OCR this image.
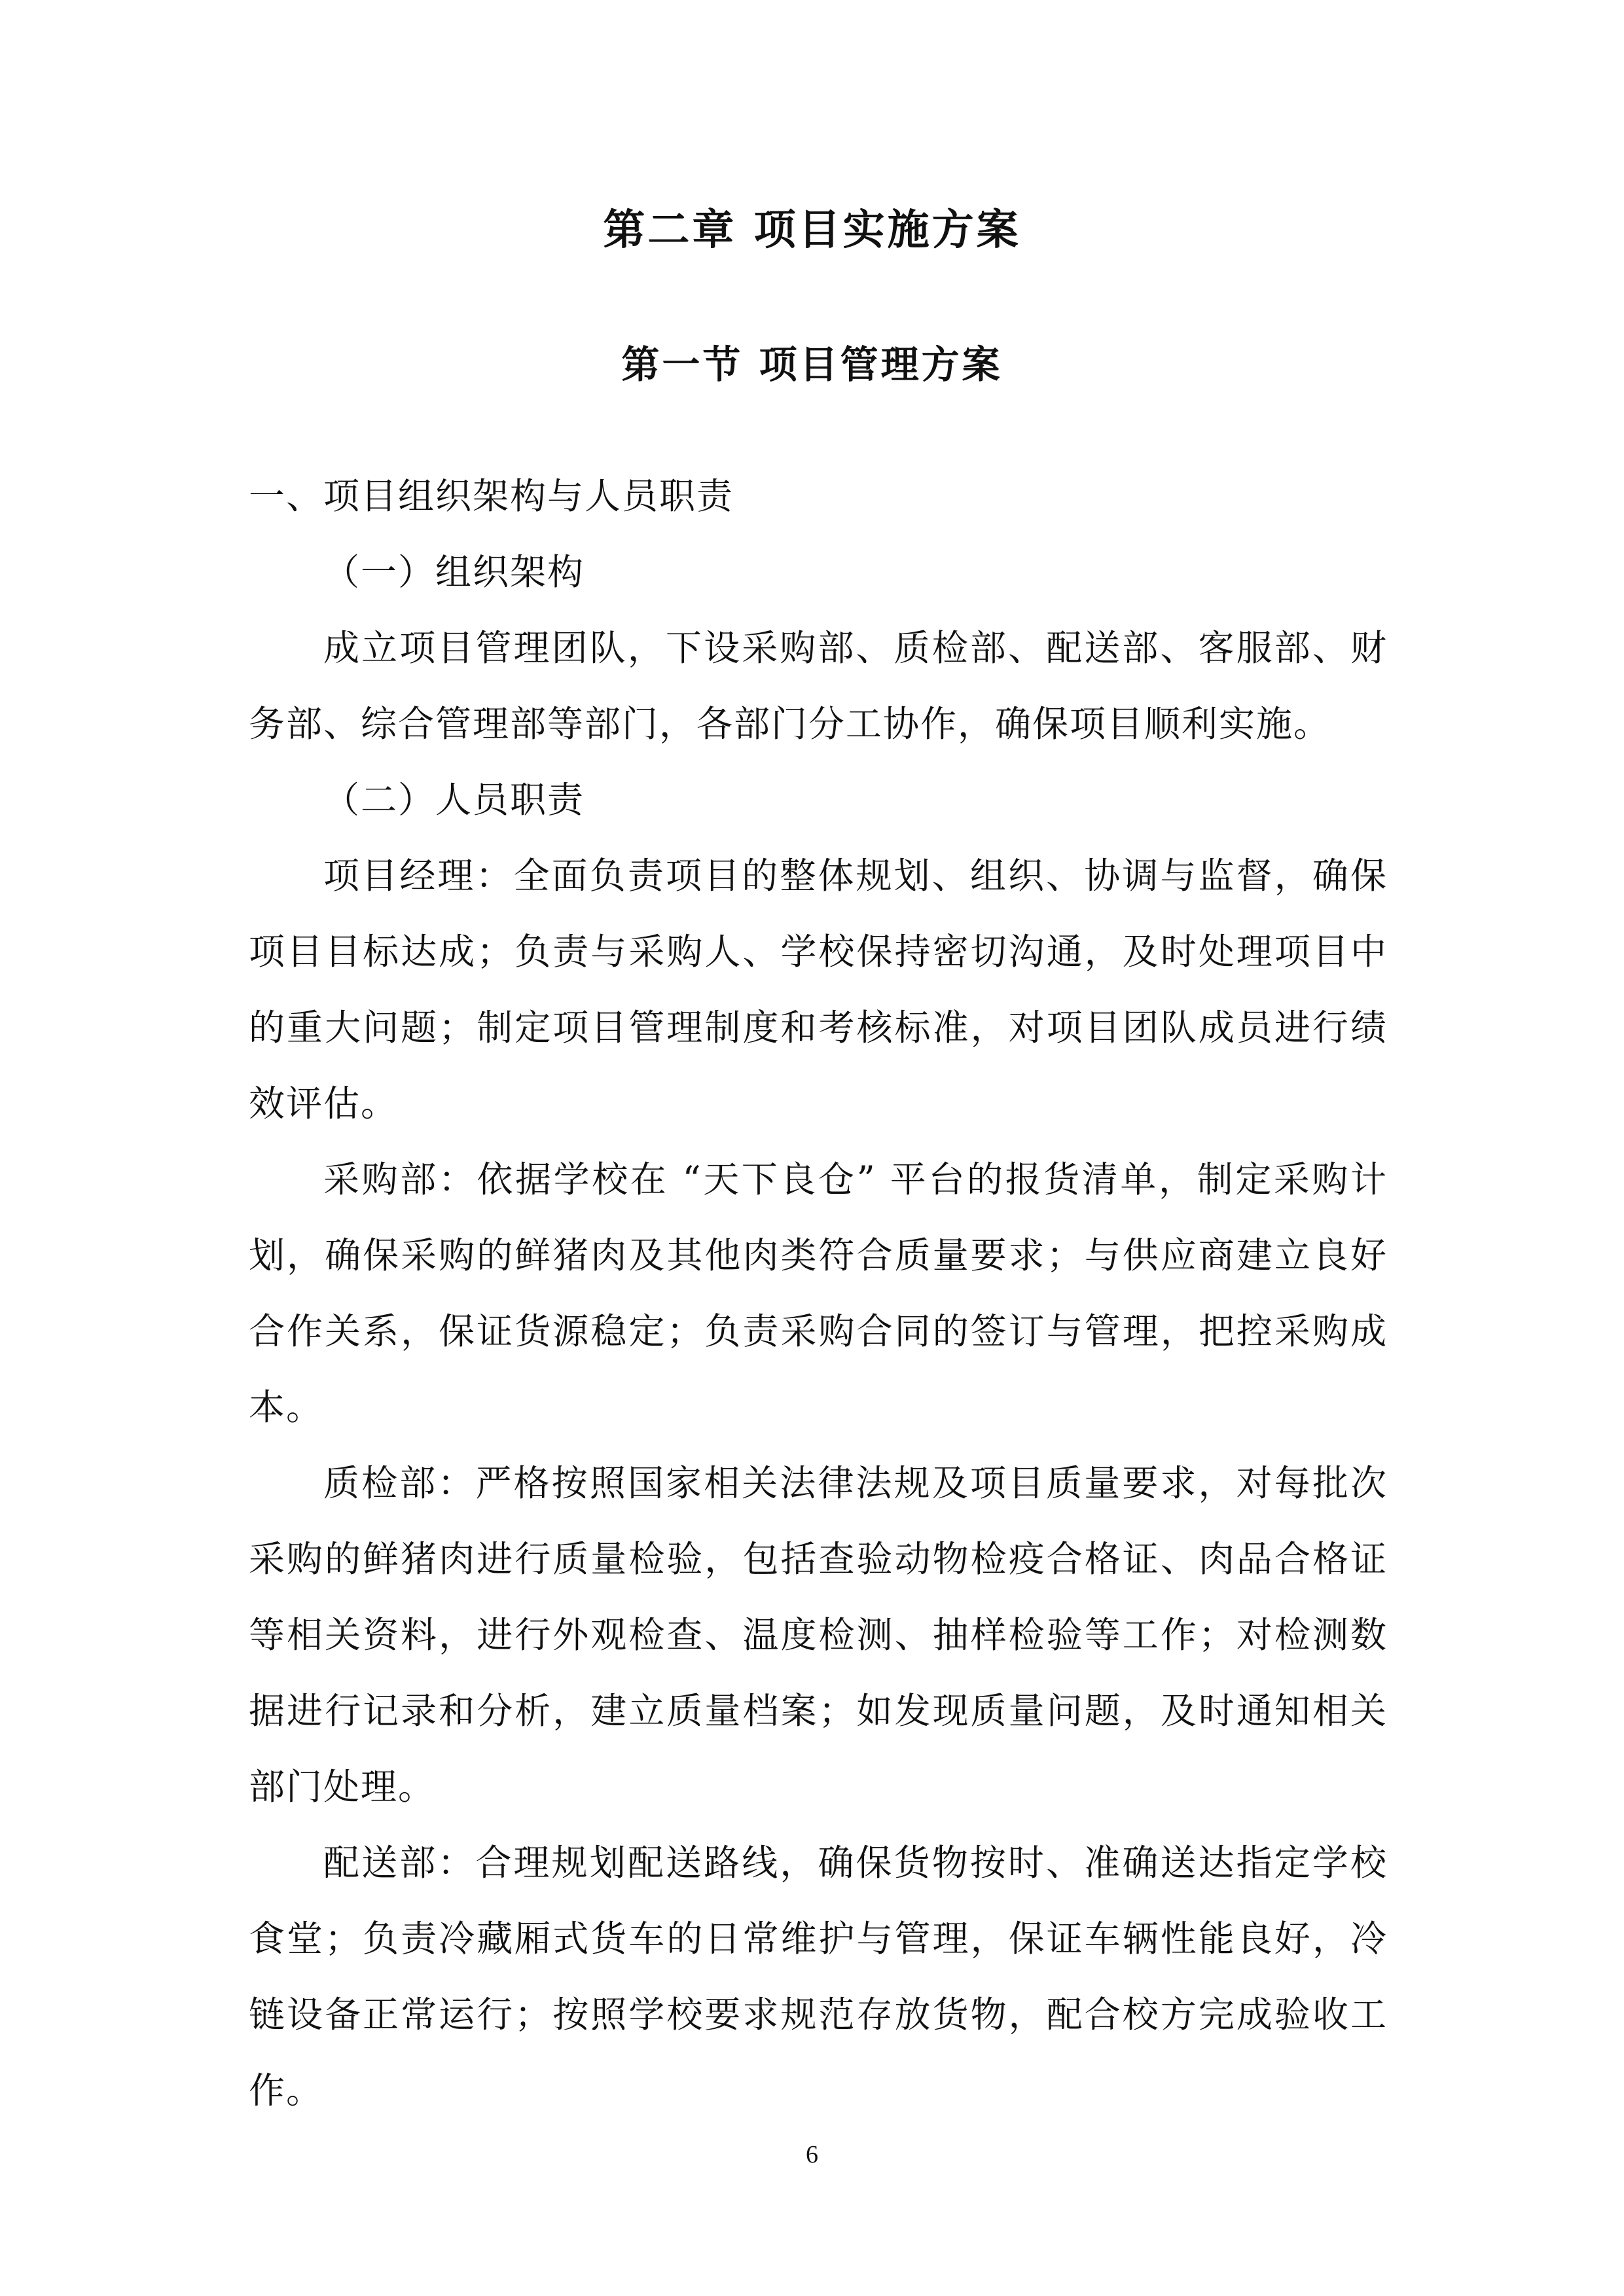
第二章 项目实施方案
第一节 项目管理方案

一、项目组织架构与人员职责

（一）组织架构

成立项目管理团队，下设采购部、质检部、配送部、客服部、财务部、综合管理部等部门，各部门分工协作，确保项目顺利实施。

（二）人员职责

项目经理：全面负责项目的整体规划、组织、协调与监督，确保项目目标达成；负责与采购人、学校保持密切沟通，及时处理项目中的重大问题；制定项目管理制度和考核标准，对项目团队成员进行绩效评估。

采购部：依据学校在 “天下良仓” 平台的报货清单，制定采购计划，确保采购的鲜猪肉及其他肉类符合质量要求；与供应商建立良好合作关系，保证货源稳定；负责采购合同的签订与管理，把控采购成本。

质检部：严格按照国家相关法律法规及项目质量要求，对每批次采购的鲜猪肉进行质量检验，包括查验动物检疫合格证、肉品合格证等相关资料，进行外观检查、温度检测、抽样检验等工作；对检测数据进行记录和分析，建立质量档案；如发现质量问题，及时通知相关部门处理。

配送部：合理规划配送路线，确保货物按时、准确送达指定学校食堂；负责冷藏厢式货车的日常维护与管理，保证车辆性能良好，冷链设备正常运行；按照学校要求规范存放货物，配合校方完成验收工作。

6
